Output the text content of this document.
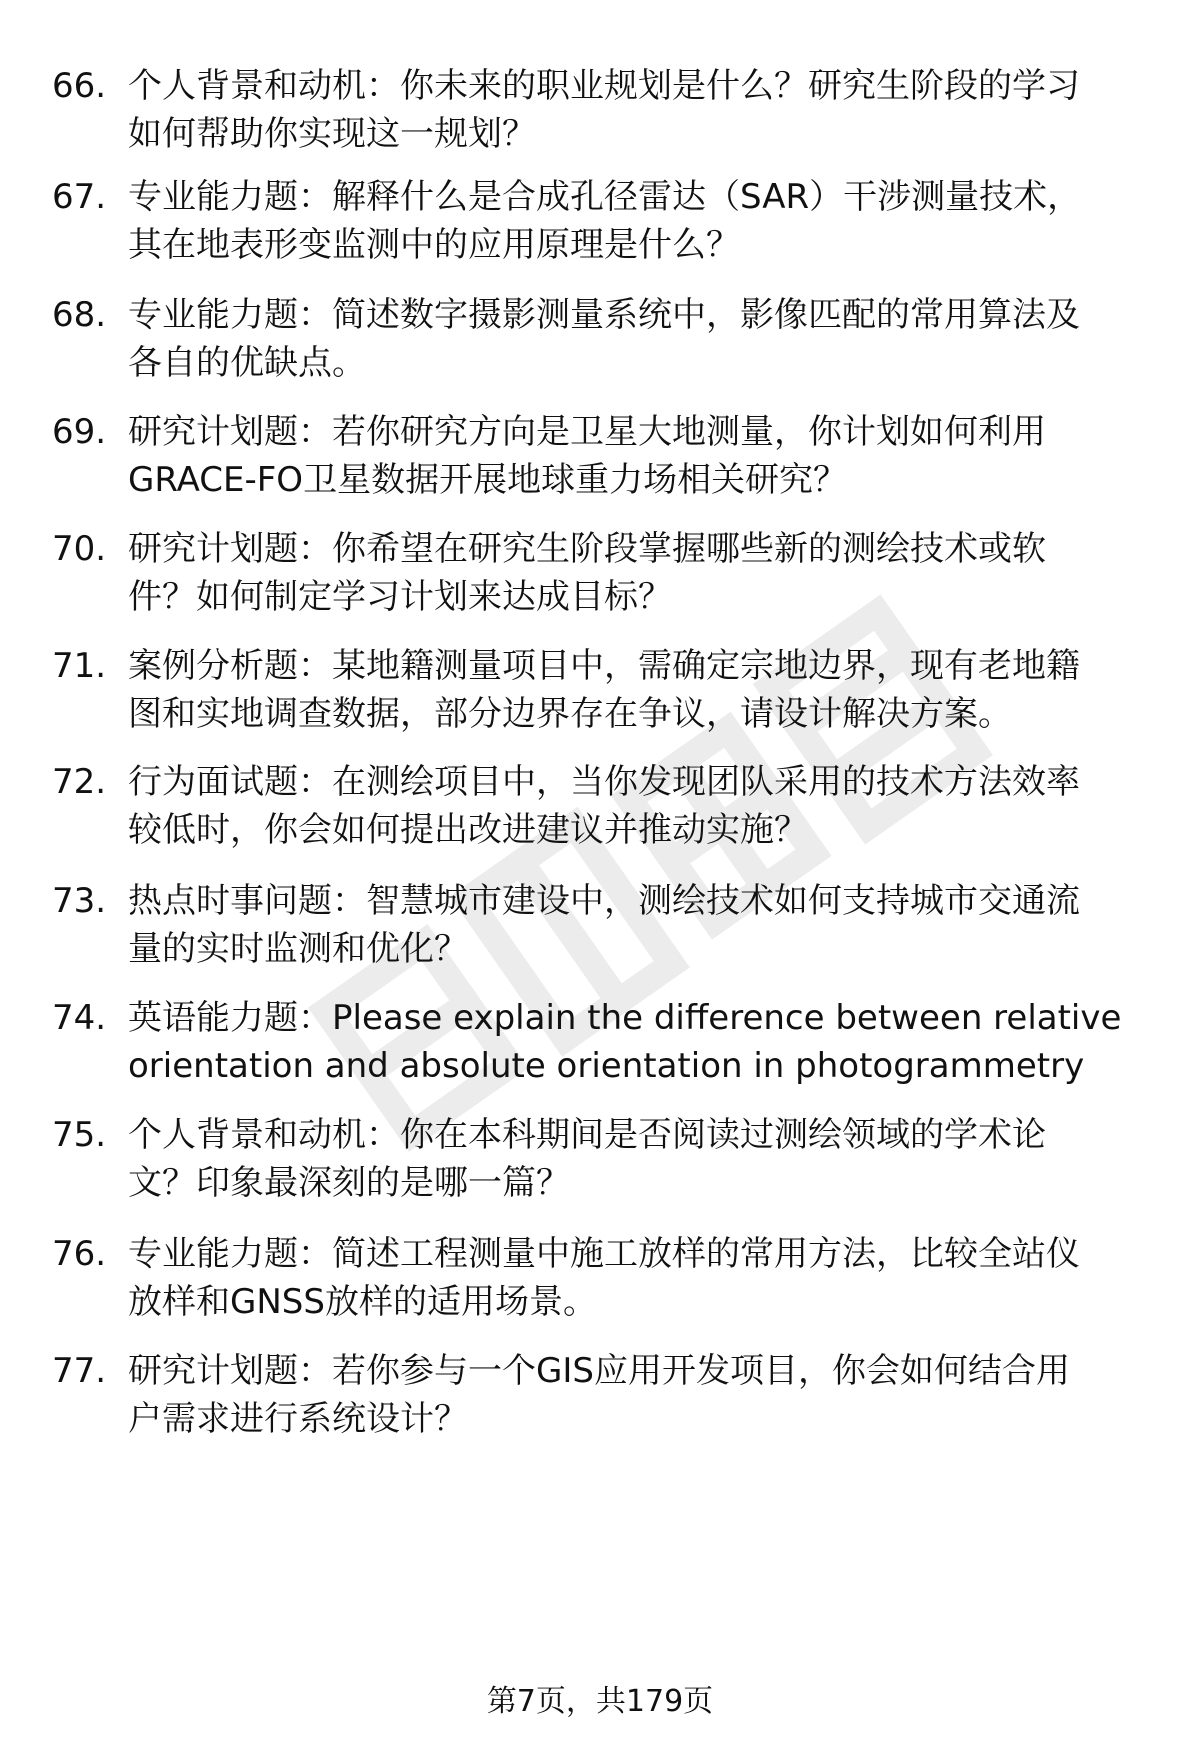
66. 个人背景和动机：你未来的职业规划是什么？研究生阶段的学习
如何帮助你实现这一规划？
67. 专业能力题：解释什么是合成孔径雷达（SAR）干涉测量技术，
其在地表形变监测中的应用原理是什么？
68. 专业能力题：简述数字摄影测量系统中，影像匹配的常用算法及
各自的优缺点。
69. 研究计划题：若你研究方向是卫星大地测量，你计划如何利用
GRACE-FO卫星数据开展地球重力场相关研究？
70. 研究计划题：你希望在研究生阶段掌握哪些新的测绘技术或软
件？如何制定学习计划来达成目标？
71. 案例分析题：某地籍测量项目中，需确定宗地边界，现有老地籍
图和实地调查数据，部分边界存在争议，请设计解决方案。
72. 行为面试题：在测绘项目中，当你发现团队采用的技术方法效率
较低时，你会如何提出改进建议并推动实施？
73. 热点时事问题：智慧城市建设中，测绘技术如何支持城市交通流
量的实时监测和优化？
74. 英语能力题：Please explain the difference between relative
orientation and absolute orientation in photogrammetry
75. 个人背景和动机：你在本科期间是否阅读过测绘领域的学术论
文？印象最深刻的是哪一篇？
76. 专业能力题：简述工程测量中施工放样的常用方法，比较全站仪
放样和GNSS放样的适用场景。
77. 研究计划题：若你参与一个GIS应用开发项目，你会如何结合用
户需求进行系统设计？
第7页，共179页
